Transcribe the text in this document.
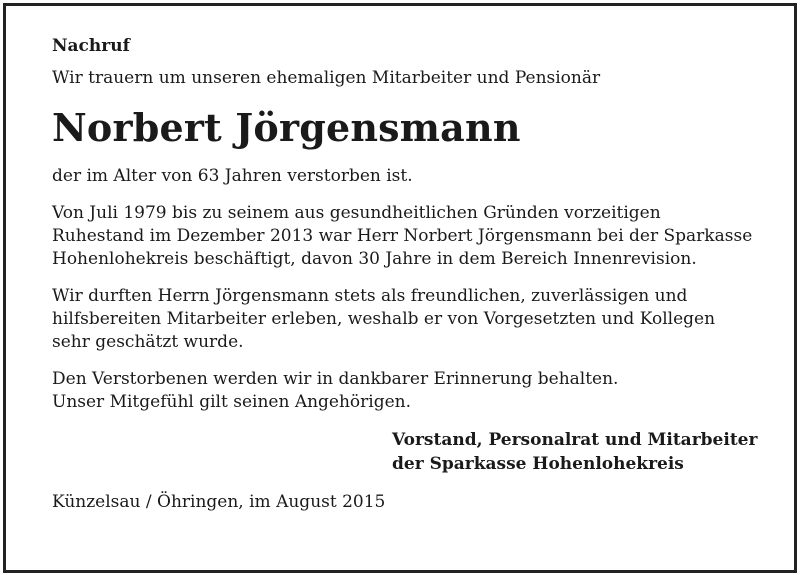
Nachruf

Wir trauern um unseren ehemaligen Mitarbeiter und Pensionär

Norbert Jörgensmann

der im Alter von 63 Jahren verstorben ist.

Von Juli 1979 bis zu seinem aus gesundheitlichen Gründen vorzeitigen
Ruhestand im Dezember 2013 war Herr Norbert Jörgensmann bei der Sparkasse
Hohenlohekreis beschäftigt, davon 30 Jahre in dem Bereich Innenrevision.
Wir durften Herrn Jörgensmann stets als freundlichen, zuverlässigen und
hilfsbereiten Mitarbeiter erleben, weshalb er von Vorgesetzten und Kollegen
sehr geschätzt wurde.
Den Verstorbenen werden wir in dankbarer Erinnerung behalten.
Unser Mitgefühl gilt seinen Angehörigen.
Vorstand, Personalrat und Mitarbeiter
der Sparkasse Hohenlohekreis
Künzelsau / Öhringen, im August 2015
